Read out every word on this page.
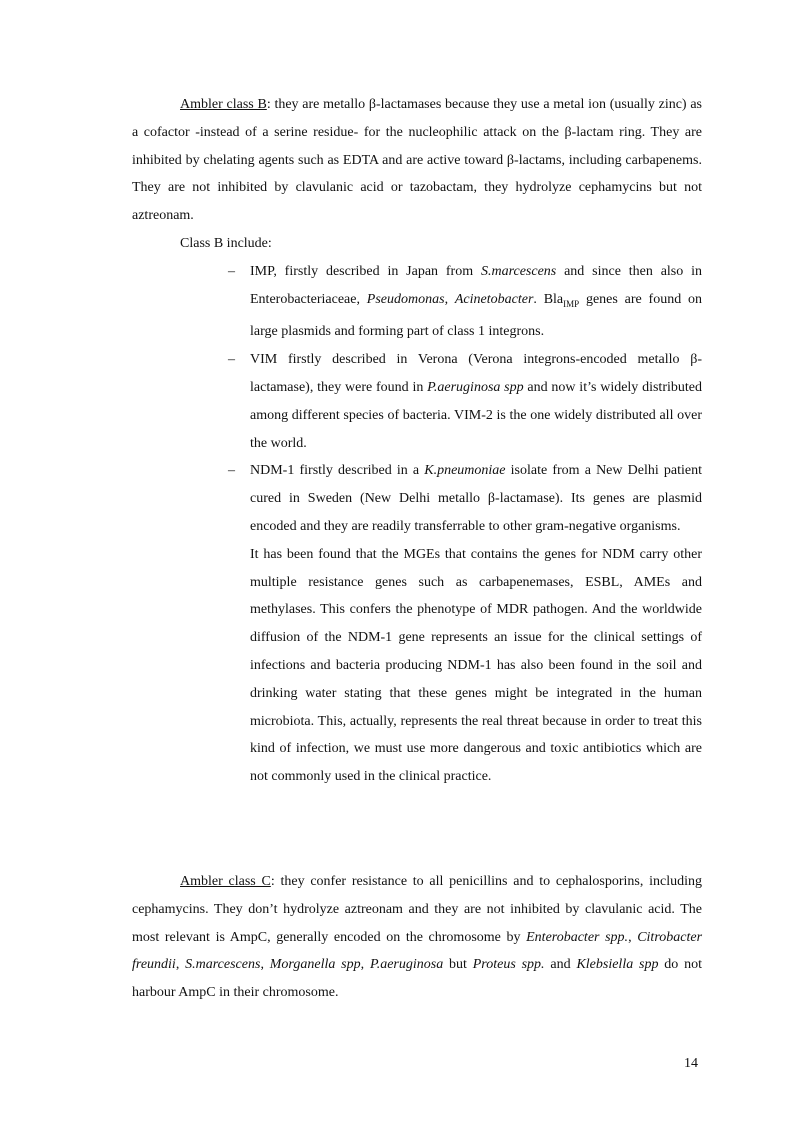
Ambler class B: they are metallo β-lactamases because they use a metal ion (usually zinc) as a cofactor -instead of a serine residue- for the nucleophilic attack on the β-lactam ring. They are inhibited by chelating agents such as EDTA and are active toward β-lactams, including carbapenems. They are not inhibited by clavulanic acid or tazobactam, they hydrolyze cephamycins but not aztreonam.

Class B include:

– IMP, firstly described in Japan from S.marcescens and since then also in Enterobacteriaceae, Pseudomonas, Acinetobacter. Bla$_{IMP}$ genes are found on large plasmids and forming part of class 1 integrons.
– VIM firstly described in Verona (Verona integrons-encoded metallo β-lactamase), they were found in P.aeruginosa spp and now it’s widely distributed among different species of bacteria. VIM-2 is the one widely distributed all over the world.
– NDM-1 firstly described in a K.pneumoniae isolate from a New Delhi patient cured in Sweden (New Delhi metallo β-lactamase). Its genes are plasmid encoded and they are readily transferrable to other gram-negative organisms.
It has been found that the MGEs that contains the genes for NDM carry other multiple resistance genes such as carbapenemases, ESBL, AMEs and methylases. This confers the phenotype of MDR pathogen. And the worldwide diffusion of the NDM-1 gene represents an issue for the clinical settings of infections and bacteria producing NDM-1 has also been found in the soil and drinking water stating that these genes might be integrated in the human microbiota. This, actually, represents the real threat because in order to treat this kind of infection, we must use more dangerous and toxic antibiotics which are not commonly used in the clinical practice.

Ambler class C: they confer resistance to all penicillins and to cephalosporins, including cephamycins. They don’t hydrolyze aztreonam and they are not inhibited by clavulanic acid. The most relevant is AmpC, generally encoded on the chromosome by Enterobacter spp., Citrobacter freundii, S.marcescens, Morganella spp, P.aeruginosa but Proteus spp. and Klebsiella spp do not harbour AmpC in their chromosome.

14
